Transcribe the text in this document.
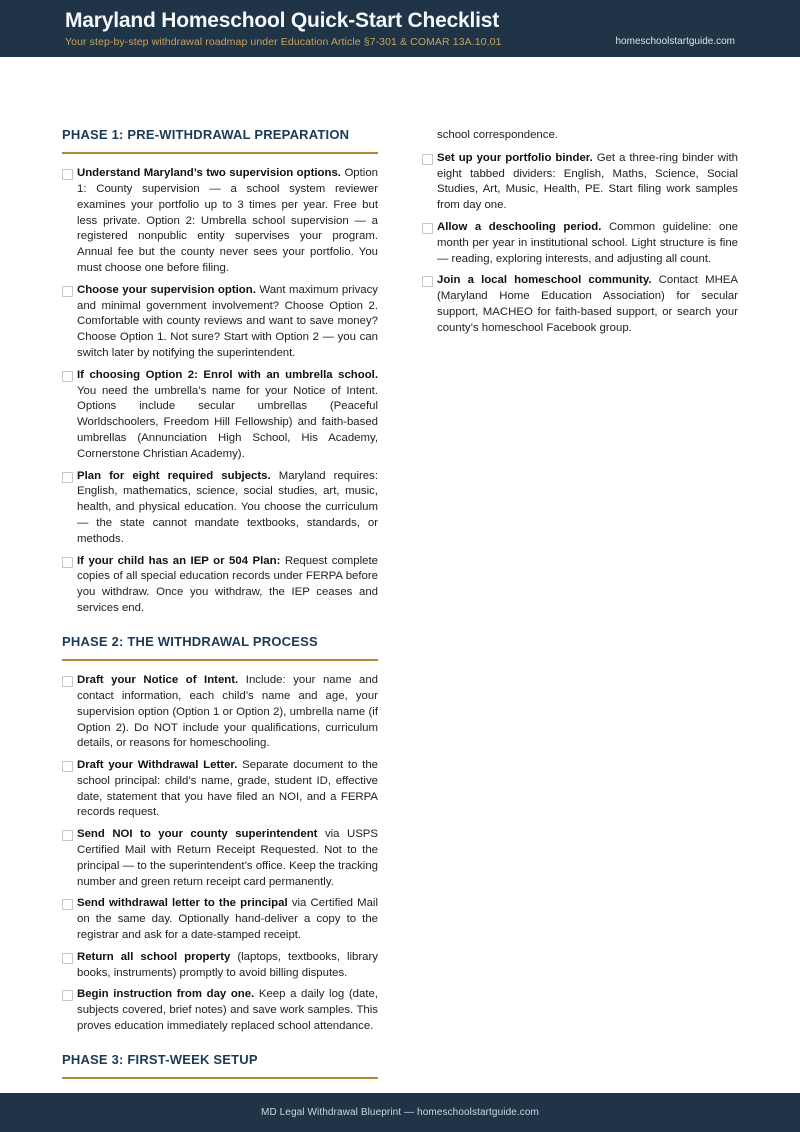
Maryland Homeschool Quick-Start Checklist
Your step-by-step withdrawal roadmap under Education Article §7-301 & COMAR 13A.10.01	homeschoolstartguide.com
PHASE 1: PRE-WITHDRAWAL PREPARATION
Understand Maryland’s two supervision options. Option 1: County supervision — a school system reviewer examines your portfolio up to 3 times per year. Free but less private. Option 2: Umbrella school supervision — a registered nonpublic entity supervises your program. Annual fee but the county never sees your portfolio. You must choose one before filing.
Choose your supervision option. Want maximum privacy and minimal government involvement? Choose Option 2. Comfortable with county reviews and want to save money? Choose Option 1. Not sure? Start with Option 2 — you can switch later by notifying the superintendent.
If choosing Option 2: Enrol with an umbrella school. You need the umbrella’s name for your Notice of Intent. Options include secular umbrellas (Peaceful Worldschoolers, Freedom Hill Fellowship) and faith-based umbrellas (Annunciation High School, His Academy, Cornerstone Christian Academy).
Plan for eight required subjects. Maryland requires: English, mathematics, science, social studies, art, music, health, and physical education. You choose the curriculum — the state cannot mandate textbooks, standards, or methods.
If your child has an IEP or 504 Plan: Request complete copies of all special education records under FERPA before you withdraw. Once you withdraw, the IEP ceases and services end.
PHASE 2: THE WITHDRAWAL PROCESS
Draft your Notice of Intent. Include: your name and contact information, each child’s name and age, your supervision option (Option 1 or Option 2), umbrella name (if Option 2). Do NOT include your qualifications, curriculum details, or reasons for homeschooling.
Draft your Withdrawal Letter. Separate document to the school principal: child’s name, grade, student ID, effective date, statement that you have filed an NOI, and a FERPA records request.
Send NOI to your county superintendent via USPS Certified Mail with Return Receipt Requested. Not to the principal — to the superintendent’s office. Keep the tracking number and green return receipt card permanently.
Send withdrawal letter to the principal via Certified Mail on the same day. Optionally hand-deliver a copy to the registrar and ask for a date-stamped receipt.
Return all school property (laptops, textbooks, library books, instruments) promptly to avoid billing disputes.
Begin instruction from day one. Keep a daily log (date, subjects covered, brief notes) and save work samples. This proves education immediately replaced school attendance.
PHASE 3: FIRST-WEEK SETUP
school correspondence.
Set up your portfolio binder. Get a three-ring binder with eight tabbed dividers: English, Maths, Science, Social Studies, Art, Music, Health, PE. Start filing work samples from day one.
Allow a deschooling period. Common guideline: one month per year in institutional school. Light structure is fine — reading, exploring interests, and adjusting all count.
Join a local homeschool community. Contact MHEA (Maryland Home Education Association) for secular support, MACHEO for faith-based support, or search your county’s homeschool Facebook group.
MD Legal Withdrawal Blueprint — homeschoolstartguide.com
